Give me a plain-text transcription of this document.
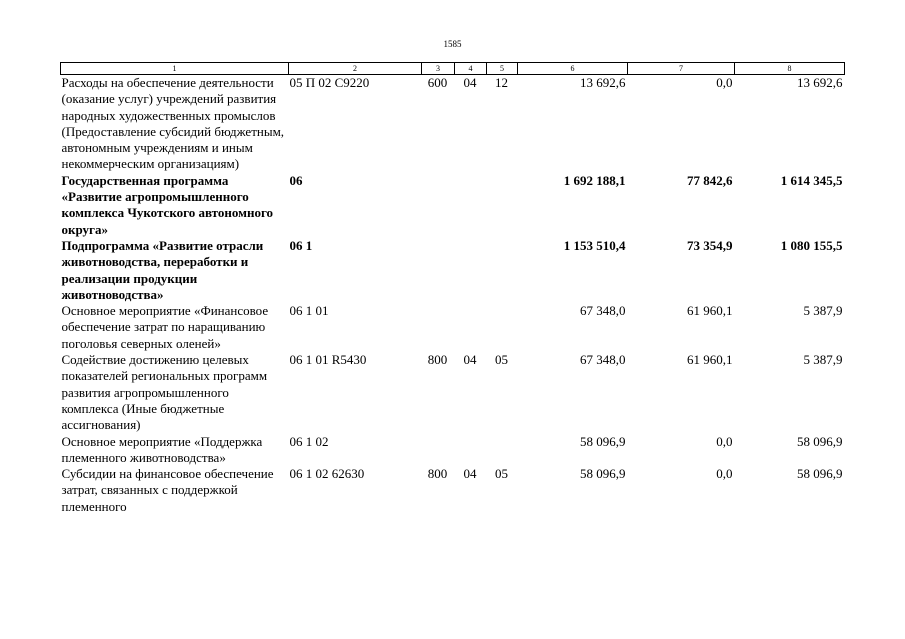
1585
1	2	3	4	5	6	7	8
Расходы на обеспечение деятельности (оказание услуг) учреждений развития народных художественных промыслов (Предоставление субсидий бюджетным, автономным учреждениям и иным некоммерческим организациям)	05 П 02 С9220	600	04	12	13 692,6	0,0	13 692,6
Государственная программа «Развитие агропромышленного комплекса Чукотского автономного округа»	06				1 692 188,1	77 842,6	1 614 345,5
Подпрограмма «Развитие отрасли животноводства, переработки и реализации продукции животноводства»	06 1				1 153 510,4	73 354,9	1 080 155,5
Основное мероприятие «Финансовое обеспечение затрат по наращиванию поголовья северных оленей»	06 1 01				67 348,0	61 960,1	5 387,9
Содействие достижению целевых показателей региональных программ развития агропромышленного комплекса (Иные бюджетные ассигнования)	06 1 01 R5430	800	04	05	67 348,0	61 960,1	5 387,9
Основное мероприятие «Поддержка племенного животноводства»	06 1 02				58 096,9	0,0	58 096,9
Субсидии на финансовое обеспечение затрат, связанных с поддержкой племенного	06 1 02 62630	800	04	05	58 096,9	0,0	58 096,9
